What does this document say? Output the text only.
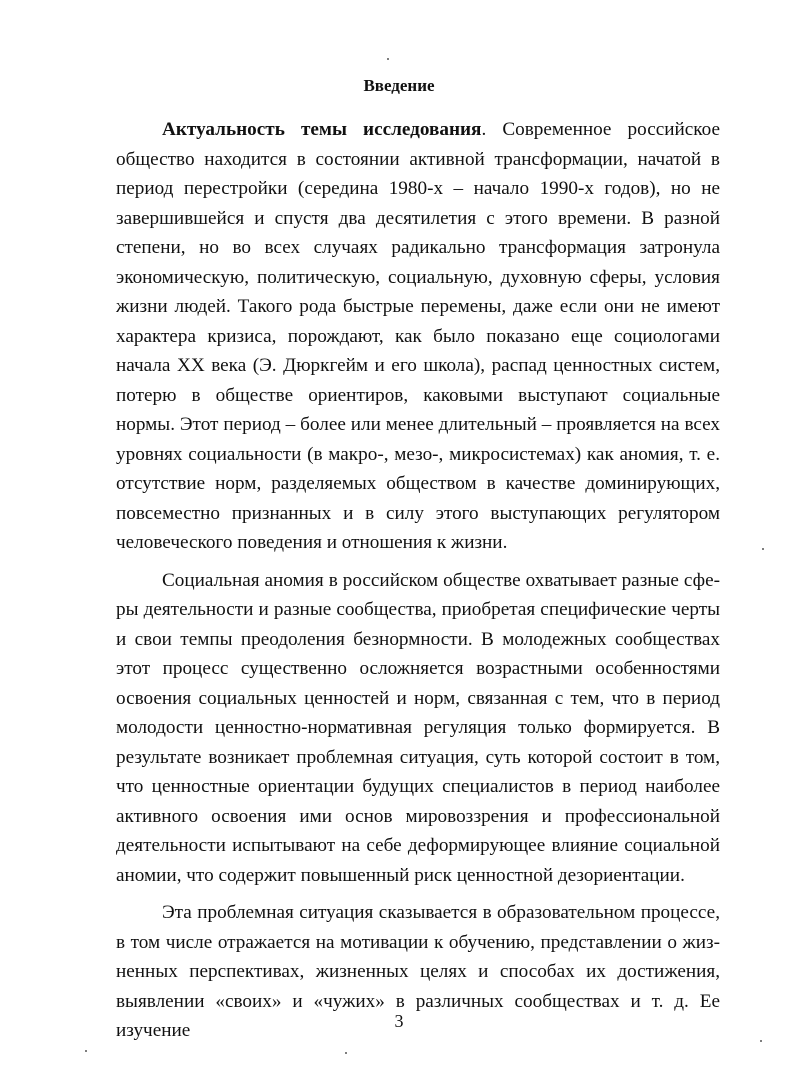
Введение

Актуальность темы исследования. Современное российское общество находится в состоянии активной трансформации, начатой в период перестройки (середина 1980-х – начало 1990-х годов), но не завершившейся и спустя два десятилетия с этого времени. В разной степени, но во всех случаях радикально трансформация затронула экономическую, политическую, социальную, духовную сферы, условия жизни людей. Такого рода быстрые перемены, даже если они не имеют характера кризиса, порождают, как было показано еще социологами начала XX века (Э. Дюркгейм и его школа), распад ценностных систем, потерю в обществе ориентиров, каковыми выступают социальные нормы. Этот период – более или менее длительный – проявляется на всех уровнях социальности (в макро-, мезо-, микросистемах) как аномия, т. е. отсутствие норм, разделяемых обществом в качестве доминирующих, повсеместно признанных и в силу этого выступающих регулятором человеческого поведения и отношения к жизни.

Социальная аномия в российском обществе охватывает разные сферы деятельности и разные сообщества, приобретая специфические черты и свои темпы преодоления безнормности. В молодежных сообществах этот процесс существенно осложняется возрастными особенностями освоения социальных ценностей и норм, связанная с тем, что в период молодости ценностно-нормативная регуляция только формируется. В результате возникает проблемная ситуация, суть которой состоит в том, что ценностные ориентации будущих специалистов в период наиболее активного освоения ими основ мировоззрения и профессиональной деятельности испытывают на себе деформирующее влияние социальной аномии, что содержит повышенный риск ценностной дезориентации.

Эта проблемная ситуация сказывается в образовательном процессе, в том числе отражается на мотивации к обучению, представлении о жизненных перспективах, жизненных целях и способах их достижения, выявлении «своих» и «чужих» в различных сообществах и т. д. Ее изучение	3
